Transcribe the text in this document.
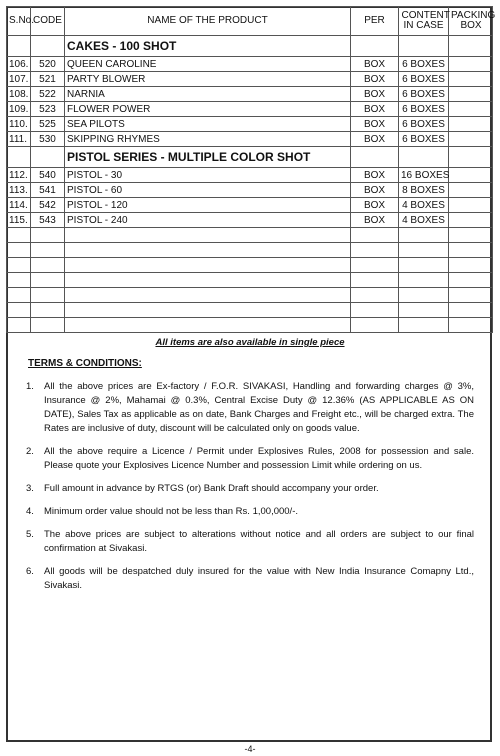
S.No.	CODE	NAME OF THE PRODUCT	PER	CONTENT IN CASE	PACKING BOX
		CAKES - 100 SHOT			
106.	520	QUEEN CAROLINE	BOX	6 BOXES	
107.	521	PARTY BLOWER	BOX	6 BOXES	
108.	522	NARNIA	BOX	6 BOXES	
109.	523	FLOWER POWER	BOX	6 BOXES	
110.	525	SEA PILOTS	BOX	6 BOXES	
111.	530	SKIPPING RHYMES	BOX	6 BOXES	
		PISTOL SERIES - MULTIPLE COLOR SHOT			
112.	540	PISTOL - 30	BOX	16 BOXES	
113.	541	PISTOL - 60	BOX	8 BOXES	
114.	542	PISTOL - 120	BOX	4 BOXES	
115.	543	PISTOL - 240	BOX	4 BOXES	

All items are also available in single piece
TERMS & CONDITIONS:
1.	All the above prices are Ex-factory / F.O.R. SIVAKASI, Handling and forwarding charges @ 3%, Insurance @ 2%, Mahamai @ 0.3%, Central Excise Duty @ 12.36% (AS APPLICABLE AS ON DATE), Sales Tax as applicable as on date, Bank Charges and Freight etc., will be charged extra. The Rates are inclusive of duty, discount will be calculated only on goods value.
2.	All the above require a Licence / Permit under Explosives Rules, 2008 for possession and sale. Please quote your Explosives Licence Number and possession Limit while ordering on us.
3.	Full amount in advance by RTGS (or) Bank Draft should accompany your order.
4.	Minimum order value should not be less than Rs. 1,00,000/-.
5.	The above prices are subject to alterations without notice and all orders are subject to our final confirmation at Sivakasi.
6.	All goods will be despatched duly insured for the value with New India Insurance Comapny Ltd., Sivakasi.
-4-
